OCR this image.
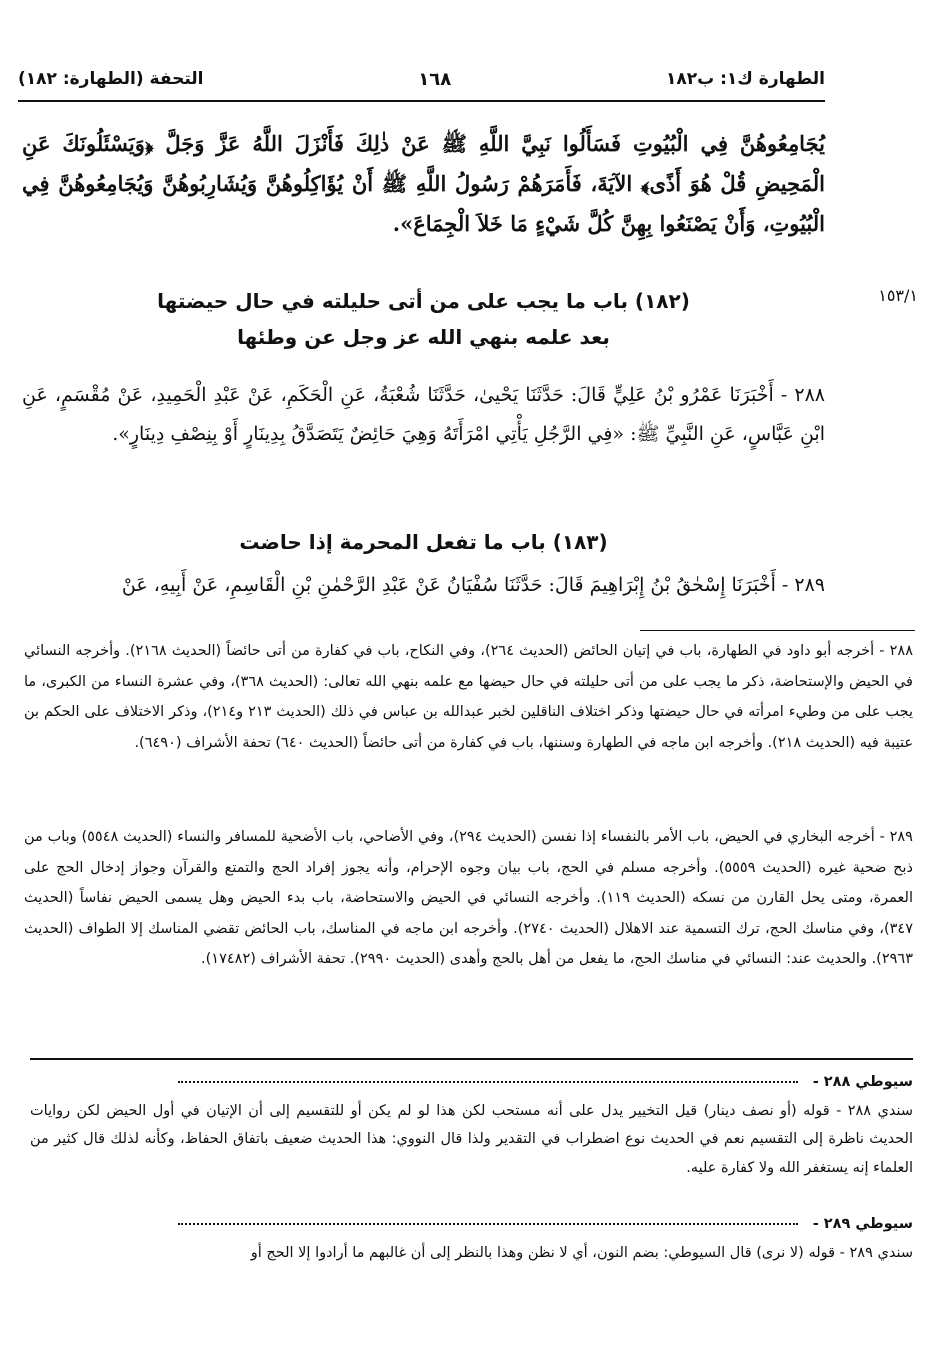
الطهارة ك١: ب١٨٢
١٦٨
التحفة (الطهارة: ١٨٢)
يُجَامِعُوهُنَّ فِي الْبُيُوتِ فَسَأَلُوا نَبِيَّ اللَّهِ ﷺ عَنْ ذٰلِكَ فَأَنْزَلَ اللَّهُ عَزَّ وَجَلَّ ﴿وَيَسْئَلُونَكَ عَنِ الْمَحِيضِ قُلْ هُوَ أَذًى﴾ الآيَةَ، فَأَمَرَهُمْ رَسُولُ اللَّهِ ﷺ أَنْ يُؤَاكِلُوهُنَّ وَيُشَارِبُوهُنَّ وَيُجَامِعُوهُنَّ فِي الْبُيُوتِ، وَأَنْ يَصْنَعُوا بِهِنَّ كُلَّ شَيْءٍ مَا خَلاَ الْجِمَاعَ».
١٥٣/١
(١٨٢) باب ما يجب على من أتى حليلته في حال حيضتها
بعد علمه بنهي الله عز وجل عن وطئها
٢٨٨ - أَخْبَرَنَا عَمْرُو بْنُ عَلِيٍّ قَالَ: حَدَّثَنَا يَحْيىٰ، حَدَّثَنَا شُعْبَةُ، عَنِ الْحَكَمِ، عَنْ عَبْدِ الْحَمِيدِ، عَنْ مُقْسَمٍ، عَنِ ابْنِ عَبَّاسٍ، عَنِ النَّبِيِّ ﷺ: «فِي الرَّجُلِ يَأْتِي امْرَأَتَهُ وَهِيَ حَائِضٌ يَتَصَدَّقُ بِدِينَارٍ أَوْ بِنِصْفِ دِينَارٍ».
(١٨٣) باب ما تفعل المحرمة إذا حاضت
٢٨٩ - أَخْبَرَنَا إِسْحٰقُ بْنُ إِبْرَاهِيمَ قَالَ: حَدَّثَنَا سُفْيَانُ عَنْ عَبْدِ الرَّحْمٰنِ بْنِ الْقَاسِمِ، عَنْ أَبِيهِ، عَنْ

٢٨٨ - أخرجه أبو داود في الطهارة، باب في إتيان الحائض (الحديث ٢٦٤)، وفي النكاح، باب في كفارة من أتى حائضاً (الحديث ٢١٦٨). وأخرجه النسائي في الحيض والإستحاضة، ذكر ما يجب على من أتى حليلته في حال حيضها مع علمه بنهي الله تعالى: (الحديث ٣٦٨)، وفي عشرة النساء من الكبرى، ما يجب على من وطيء امرأته في حال حيضتها وذكر اختلاف الناقلين لخبر عبدالله بن عباس في ذلك (الحديث ٢١٣ و٢١٤)، وذكر الاختلاف على الحكم بن عتيبة فيه (الحديث ٢١٨). وأخرجه ابن ماجه في الطهارة وسننها، باب في كفارة من أتى حائضاً (الحديث ٦٤٠) تحفة الأشراف (٦٤٩٠).

٢٨٩ - أخرجه البخاري في الحيض، باب الأمر بالنفساء إذا نفسن (الحديث ٢٩٤)، وفي الأضاحي، باب الأضحية للمسافر والنساء (الحديث ٥٥٤٨) وباب من ذبح ضحية غيره (الحديث ٥٥٥٩). وأخرجه مسلم في الحج، باب بيان وجوه الإحرام، وأنه يجوز إفراد الحج والتمتع والقرآن وجواز إدخال الحج على العمرة، ومتى يحل القارن من نسكه (الحديث ١١٩). وأخرجه النسائي في الحيض والاستحاضة، باب بدء الحيض وهل يسمى الحيض نفاساً (الحديث ٣٤٧)، وفي مناسك الحج، ترك التسمية عند الاهلال (الحديث ٢٧٤٠). وأخرجه ابن ماجه في المناسك، باب الحائض تقضي المناسك إلا الطواف (الحديث ٢٩٦٣). والحديث عند: النسائي في مناسك الحج، ما يفعل من أهل بالحج وأهدى (الحديث ٢٩٩٠). تحفة الأشراف (١٧٤٨٢).

سيوطي ٢٨٨ -

سندي ٢٨٨ - قوله (أو نصف دينار) قيل التخيير يدل على أنه مستحب لكن هذا لو لم يكن أو للتقسيم إلى أن الإتيان في أول الحيض لكن روايات الحديث ناظرة إلى التقسيم نعم في الحديث نوع اضطراب في التقدير ولذا قال النووي: هذا الحديث ضعيف باتفاق الحفاظ، وكأنه لذلك قال كثير من العلماء إنه يستغفر الله ولا كفارة عليه.

سيوطي ٢٨٩ -

سندي ٢٨٩ - قوله (لا نرى) قال السيوطي: بضم النون، أي لا نظن وهذا بالنظر إلى أن غالبهم ما أرادوا إلا الحج أو
